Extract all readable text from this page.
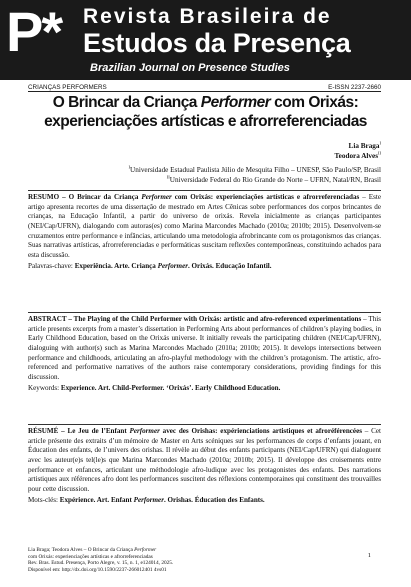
P* Revista Brasileira de
Estudos da Presença
Brazilian Journal on Presence Studies
CRIANÇAS PERFORMERS	E-ISSN 2237-2660
O Brincar da Criança Performer com Orixás:
experienciações artísticas e afrorreferenciadas
Lia Braga$^I$
Teodora Alves$^{II}$
$^I$Universidade Estadual Paulista Júlio de Mesquita Filho – UNESP, São Paulo/SP, Brasil
$^{II}$Universidade Federal do Rio Grande do Norte – UFRN, Natal/RN, Brasil
RESUMO – O Brincar da Criança Performer com Orixás: experienciações artísticas e afrorreferenciadas – Este artigo apresenta recortes de uma dissertação de mestrado em Artes Cênicas sobre performances dos corpos brincantes de crianças, na Educação Infantil, a partir do universo de orixás. Revela inicialmente as crianças participantes (NEI/Cap/UFRN), dialogando com autoras(es) como Marina Marcondes Machado (2010a; 2010b; 2015). Desenvolvem-se cruzamentos entre performance e infâncias, articulando uma metodologia afrobrincante com os protagonismos das crianças. Suas narrativas artísticas, afrorreferenciadas e performáticas suscitam reflexões contemporâneas, constituindo achados para esta discussão.
Palavras-chave: Experiência. Arte. Criança Performer. Orixás. Educação Infantil.
ABSTRACT – The Playing of the Child Performer with Orixás: artistic and afro-referenced experimentations – This article presents excerpts from a master’s dissertation in Performing Arts about performances of children’s playing bodies, in Early Childhood Education, based on the Orixás universe. It initially reveals the participating children (NEI/Cap/UFRN), dialoguing with author(s) such as Marina Marcondes Machado (2010a; 2010b; 2015). It develops intersections between performance and childhoods, articulating an afro-playful methodology with the children’s protagonism. The artistic, afro-referenced and performative narratives of the authors raise contemporary considerations, providing findings for this discussion.
Keywords: Experience. Art. Child-Performer. ‘Orixás’. Early Childhood Education.
RÉSUMÉ – Le Jeu de l’Enfant Performer avec des Orishas: expérienciations artistiques et afroréférencées – Cet article présente des extraits d’un mémoire de Master en Arts scéniques sur les performances de corps d’enfants jouant, en Éducation des enfants, de l’univers des orishas. Il révèle au début des enfants participants (NEI/Cap/UFRN) qui dialoguent avec les auteur(e)s tel(le)s que Marina Marcondes Machado (2010a; 2010b; 2015). Il développe des croisements entre performance et enfances, articulant une méthodologie afro-ludique avec les protagonistes des enfants. Des narrations artistiques aux références afro dont les performances suscitent des réflexions contemporaines qui constituent des trouvailles pour cette discussion.
Mots-clés: Expérience. Art. Enfant Performer. Orishas. Éducation des Enfants.
Lia Braga; Teodora Alves – O Brincar da Criança Performer
com Orixás: experienciações artísticas e afrorreferenciadas
Rev. Bras. Estud. Presença, Porto Alegre, v. 15, n. 1, e124014, 2025.
Disponível em: http://dx.doi.org/10.1590/2237-266012401 4vs01
1
